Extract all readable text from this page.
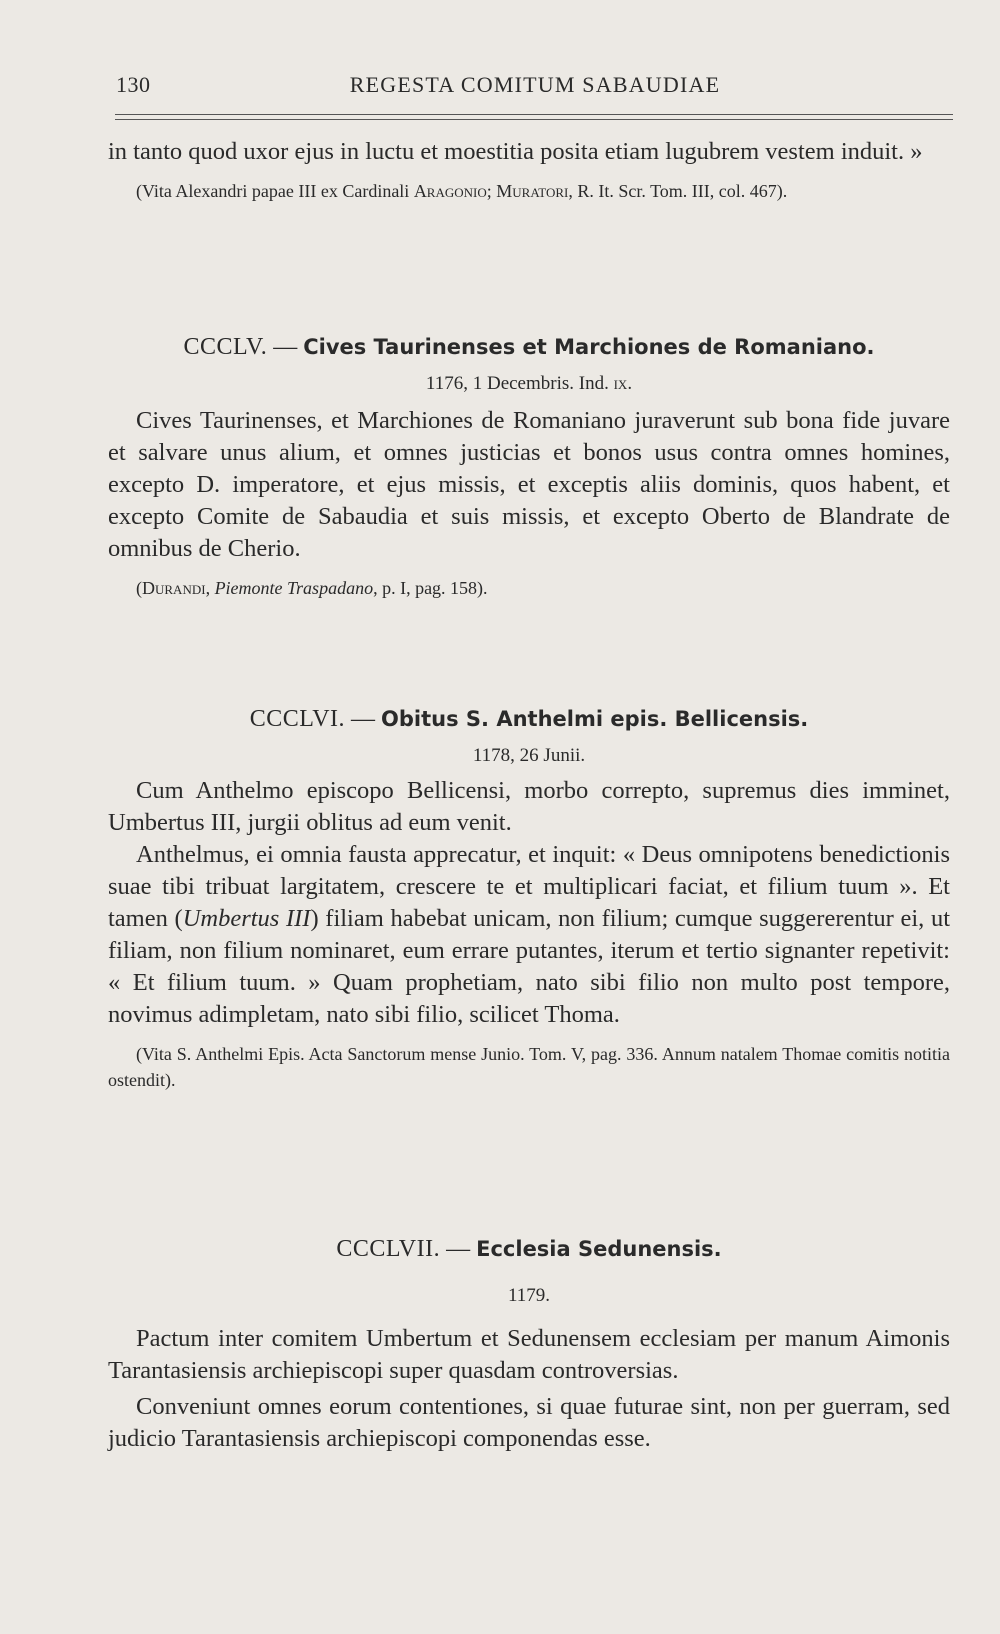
130	REGESTA COMITUM SABAUDIAE

in tanto quod uxor ejus in luctu et moestitia posita etiam lugubrem vestem induit. »

(Vita Alexandri papae III ex Cardinali Aragonio; Muratori, R. It. Scr. Tom. III, col. 467).

CCCLV. — Cives Taurinenses et Marchiones de Romaniano.

1176, 1 Decembris. Ind. ix.

Cives Taurinenses, et Marchiones de Romaniano juraverunt sub bona fide juvare et salvare unus alium, et omnes justicias et bonos usus contra omnes homines, excepto D. imperatore, et ejus missis, et exceptis aliis dominis, quos habent, et excepto Comite de Sabaudia et suis missis, et excepto Oberto de Blandrate de omnibus de Cherio.

(Durandi, Piemonte Traspadano, p. I, pag. 158).

CCCLVI. — Obitus S. Anthelmi epis. Bellicensis.

1178, 26 Junii.

Cum Anthelmo episcopo Bellicensi, morbo correpto, supremus dies imminet, Umbertus III, jurgii oblitus ad eum venit.

Anthelmus, ei omnia fausta apprecatur, et inquit: « Deus omnipotens benedictionis suae tibi tribuat largitatem, crescere te et multiplicari faciat, et filium tuum ». Et tamen (Umbertus III) filiam habebat unicam, non filium; cumque suggererentur ei, ut filiam, non filium nominaret, eum errare putantes, iterum et tertio signanter repetivit: « Et filium tuum. » Quam prophetiam, nato sibi filio non multo post tempore, novimus adimpletam, nato sibi filio, scilicet Thoma.

(Vita S. Anthelmi Epis. Acta Sanctorum mense Junio. Tom. V, pag. 336. Annum natalem Thomae comitis notitia ostendit).

CCCLVII. — Ecclesia Sedunensis.

1179.

Pactum inter comitem Umbertum et Sedunensem ecclesiam per manum Aimonis Tarantasiensis archiepiscopi super quasdam controversias.

Conveniunt omnes eorum contentiones, si quae futurae sint, non per guerram, sed judicio Tarantasiensis archiepiscopi componendas esse.
